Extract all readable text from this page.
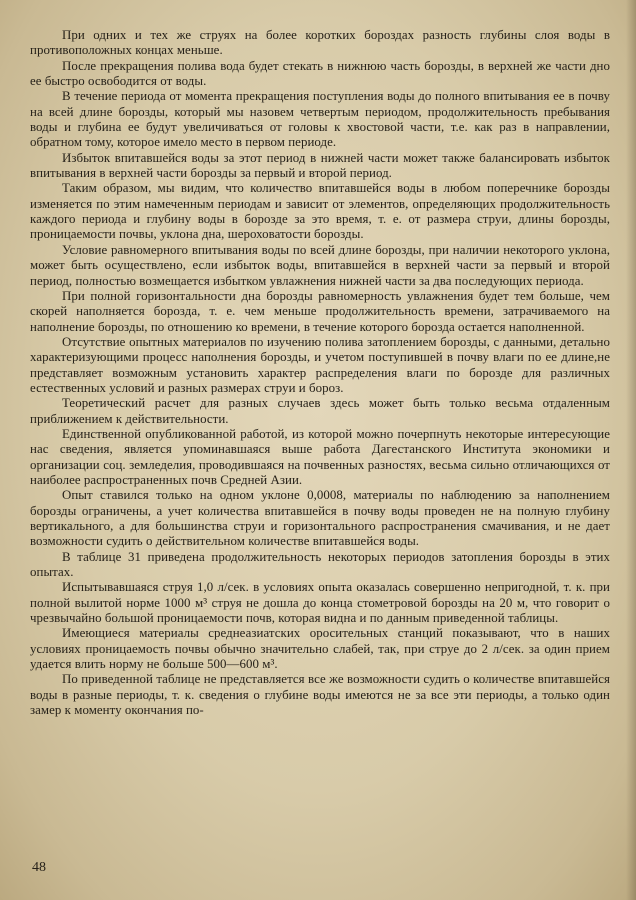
При одних и тех же струях на более коротких бороздах разность глубины слоя воды в противоположных концах меньше.

После прекращения полива вода будет стекать в нижнюю часть борозды, в верхней же части дно ее быстро освободится от воды.

В течение периода от момента прекращения поступления воды до полного впитывания ее в почву на всей длине борозды, который мы назовем четвертым периодом, продолжительность пребывания воды и глубина ее будут увеличиваться от головы к хвостовой части, т.е. как раз в направлении, обратном тому, которое имело место в первом периоде.

Избыток впитавшейся воды за этот период в нижней части может также балансировать избыток впитывания в верхней части борозды за первый и второй период.

Таким образом, мы видим, что количество впитавшейся воды в любом поперечнике борозды изменяется по этим намеченным периодам и зависит от элементов, определяющих продолжительность каждого периода и глубину воды в борозде за это время, т. е. от размера струи, длины борозды, проницаемости почвы, уклона дна, шероховатости борозды.

Условие равномерного впитывания воды по всей длине борозды, при наличии некоторого уклона, может быть осуществлено, если избыток воды, впитавшейся в верхней части за первый и второй период, полностью возмещается избытком увлажнения нижней части за два последующих периода.

При полной горизонтальности дна борозды равномерность увлажнения будет тем больше, чем скорей наполняется борозда, т. е. чем меньше продолжительность времени, затрачиваемого на наполнение борозды, по отношению ко времени, в течение которого борозда остается наполненной.

Отсутствие опытных материалов по изучению полива затоплением борозды, с данными, детально характеризующими процесс наполнения борозды, и учетом поступившей в почву влаги по ее длине,не представляет возможным установить характер распределения влаги по борозде для различных естественных условий и разных размерах струи и бороз.

Теоретический расчет для разных случаев здесь может быть только весьма отдаленным приближением к действительности.

Единственной опубликованной работой, из которой можно почерпнуть некоторые интересующие нас сведения, является упоминавшаяся выше работа Дагестанского Института экономики и организации соц. земледелия, проводившаяся на почвенных разностях, весьма сильно отличающихся от наиболее распространенных почв Средней Азии.

Опыт ставился только на одном уклоне 0,0008, материалы по наблюдению за наполнением борозды ограничены, а учет количества впитавшейся в почву воды проведен не на полную глубину вертикального, а для большинства струи и горизонтального распространения смачивания, и не дает возможности судить о действительном количестве впитавшейся воды.

В таблице 31 приведена продолжительность некоторых периодов затопления борозды в этих опытах.

Испытывавшаяся струя 1,0 л/сек. в условиях опыта оказалась совершенно непригодной, т. к. при полной вылитой норме 1000 м³ струя не дошла до конца стометровой борозды на 20 м, что говорит о чрезвычайно большой проницаемости почв, которая видна и по данным приведенной таблицы.

Имеющиеся материалы среднеазиатских оросительных станций показывают, что в наших условиях проницаемость почвы обычно значительно слабей, так, при струе до 2 л/сек. за один прием удается влить норму не больше 500—600 м³.

По приведенной таблице не представляется все же возможности судить о количестве впитавшейся воды в разные периоды, т. к. сведения о глубине воды имеются не за все эти периоды, а только один замер к моменту окончания по-

48
